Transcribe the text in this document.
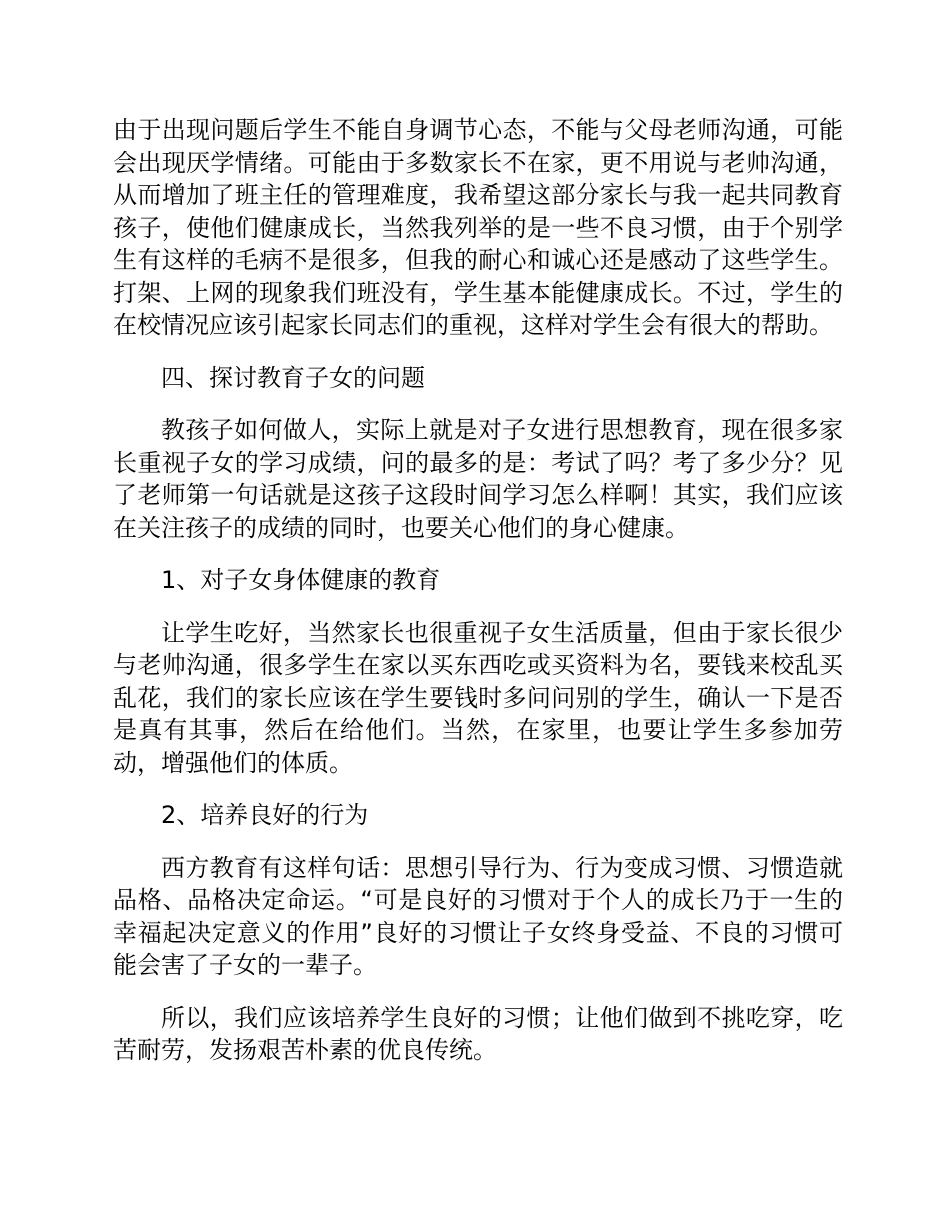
由于出现问题后学生不能自身调节心态，不能与父母老师沟通，可能会出现厌学情绪。可能由于多数家长不在家，更不用说与老帅沟通，从而增加了班主任的管理难度，我希望这部分家长与我一起共同教育孩子，使他们健康成长，当然我列举的是一些不良习惯，由于个别学生有这样的毛病不是很多，但我的耐心和诚心还是感动了这些学生。打架、上网的现象我们班没有，学生基本能健康成长。不过，学生的在校情况应该引起家长同志们的重视，这样对学生会有很大的帮助。

四、探讨教育子女的问题

教孩子如何做人，实际上就是对子女进行思想教育，现在很多家长重视子女的学习成绩，问的最多的是：考试了吗？考了多少分？见了老师第一句话就是这孩子这段时间学习怎么样啊！其实，我们应该在关注孩子的成绩的同时，也要关心他们的身心健康。

1、对子女身体健康的教育

让学生吃好，当然家长也很重视子女生活质量，但由于家长很少与老帅沟通，很多学生在家以买东西吃或买资料为名，要钱来校乱买乱花，我们的家长应该在学生要钱时多问问别的学生，确认一下是否是真有其事，然后在给他们。当然，在家里，也要让学生多参加劳动，增强他们的体质。

2、培养良好的行为

西方教育有这样句话：思想引导行为、行为变成习惯、习惯造就品格、品格决定命运。“可是良好的习惯对于个人的成长乃于一生的幸福起决定意义的作用”良好的习惯让子女终身受益、不良的习惯可能会害了子女的一辈子。

所以，我们应该培养学生良好的习惯；让他们做到不挑吃穿，吃苦耐劳，发扬艰苦朴素的优良传统。
